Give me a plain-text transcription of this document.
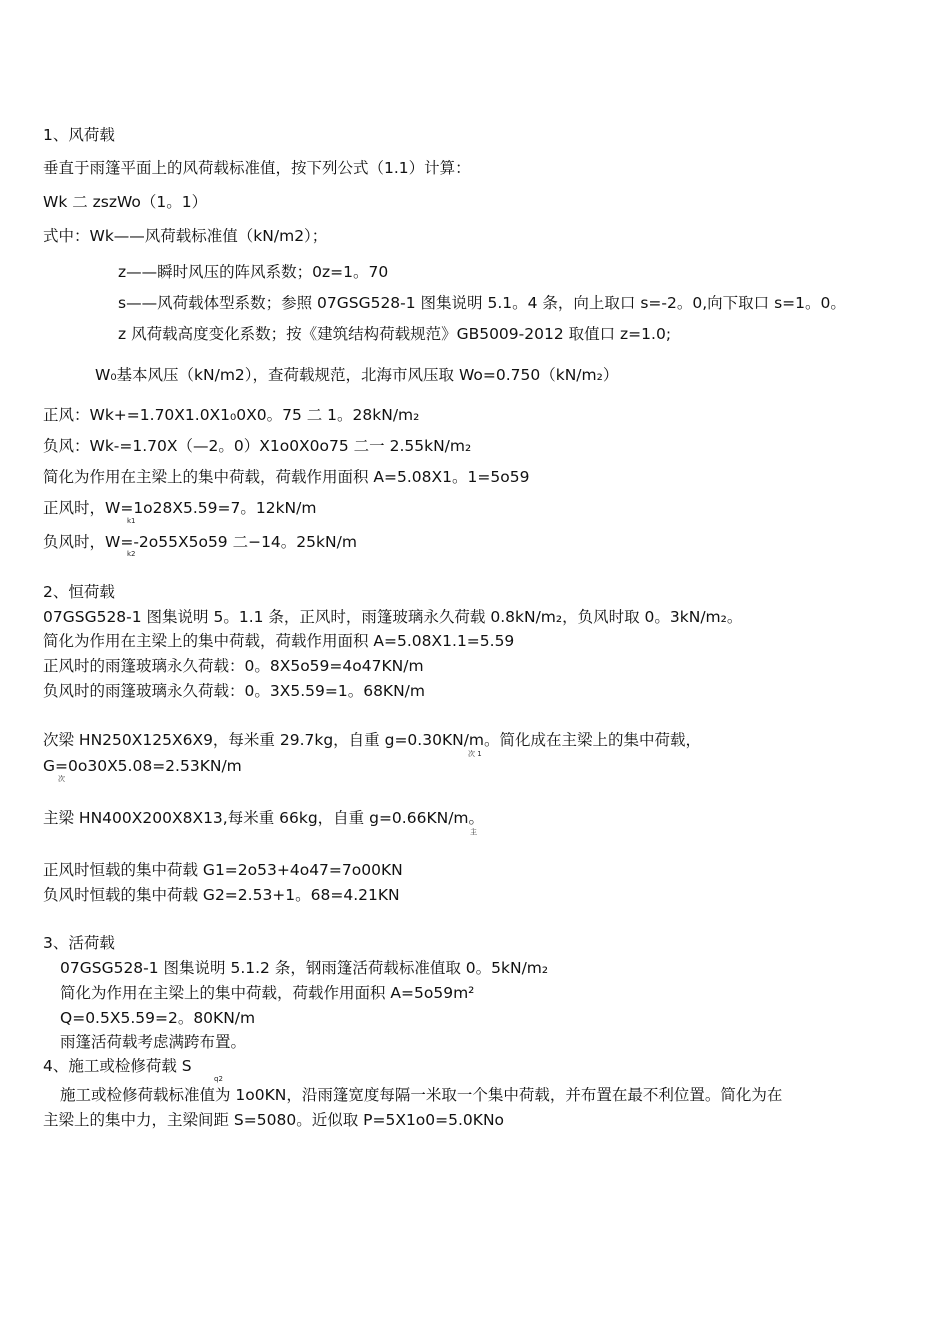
1、风荷载
垂直于雨篷平面上的风荷载标准值，按下列公式（1.1）计算：
Wk 二 zszWo（1。1）
式中：Wk——风荷载标准值（kN/m2）；
z——瞬时风压的阵风系数；0z=1。70
s——风荷载体型系数；参照 07GSG528-1 图集说明 5.1。4 条，向上取口 s=-2。0,向下取口 s=1。0。
z 风荷载高度变化系数；按《建筑结构荷载规范》GB5009-2012 取值口 z=1.0;
W₀基本风压（kN/m2），查荷载规范，北海市风压取 Wo=0.750（kN/m₂）
正风：Wk+=1.70X1.0X1₀0X0。75 二 1。28kN/m₂
负风：Wk-=1.70X（—2。0）X1o0X0o75 二一 2.55kN/m₂
简化为作用在主梁上的集中荷载，荷载作用面积 A=5.08X1。1=5o59
正风时，W=1o28X5.59=7。12kN/m
k1
负风时，W=-2o55X5o59 二−14。25kN/m
k2
2、恒荷载
07GSG528-1 图集说明 5。1.1 条，正风时，雨篷玻璃永久荷载 0.8kN/m₂，负风时取 0。3kN/m₂。
简化为作用在主梁上的集中荷载，荷载作用面积 A=5.08X1.1=5.59
正风时的雨篷玻璃永久荷载：0。8X5o59=4o47KN/m
负风时的雨篷玻璃永久荷载：0。3X5.59=1。68KN/m
次梁 HN250X125X6X9，每米重 29.7kg，自重 g=0.30KN/m。简化成在主梁上的集中荷载，
次 1
G=0o30X5.08=2.53KN/m
次
主梁 HN400X200X8X13,每米重 66kg，自重 g=0.66KN/m。
主
正风时恒载的集中荷载 G1=2o53+4o47=7o00KN
负风时恒载的集中荷载 G2=2.53+1。68=4.21KN
3、活荷载
07GSG528-1 图集说明 5.1.2 条，钢雨篷活荷载标准值取 0。5kN/m₂
简化为作用在主梁上的集中荷载，荷载作用面积 A=5o59m²
Q=0.5X5.59=2。80KN/m
雨篷活荷载考虑满跨布置。
4、施工或检修荷载 S
q2
施工或检修荷载标准值为 1o0KN，沿雨篷宽度每隔一米取一个集中荷载，并布置在最不利位置。简化为在
主梁上的集中力，主梁间距 S=5080。近似取 P=5X1o0=5.0KNo
